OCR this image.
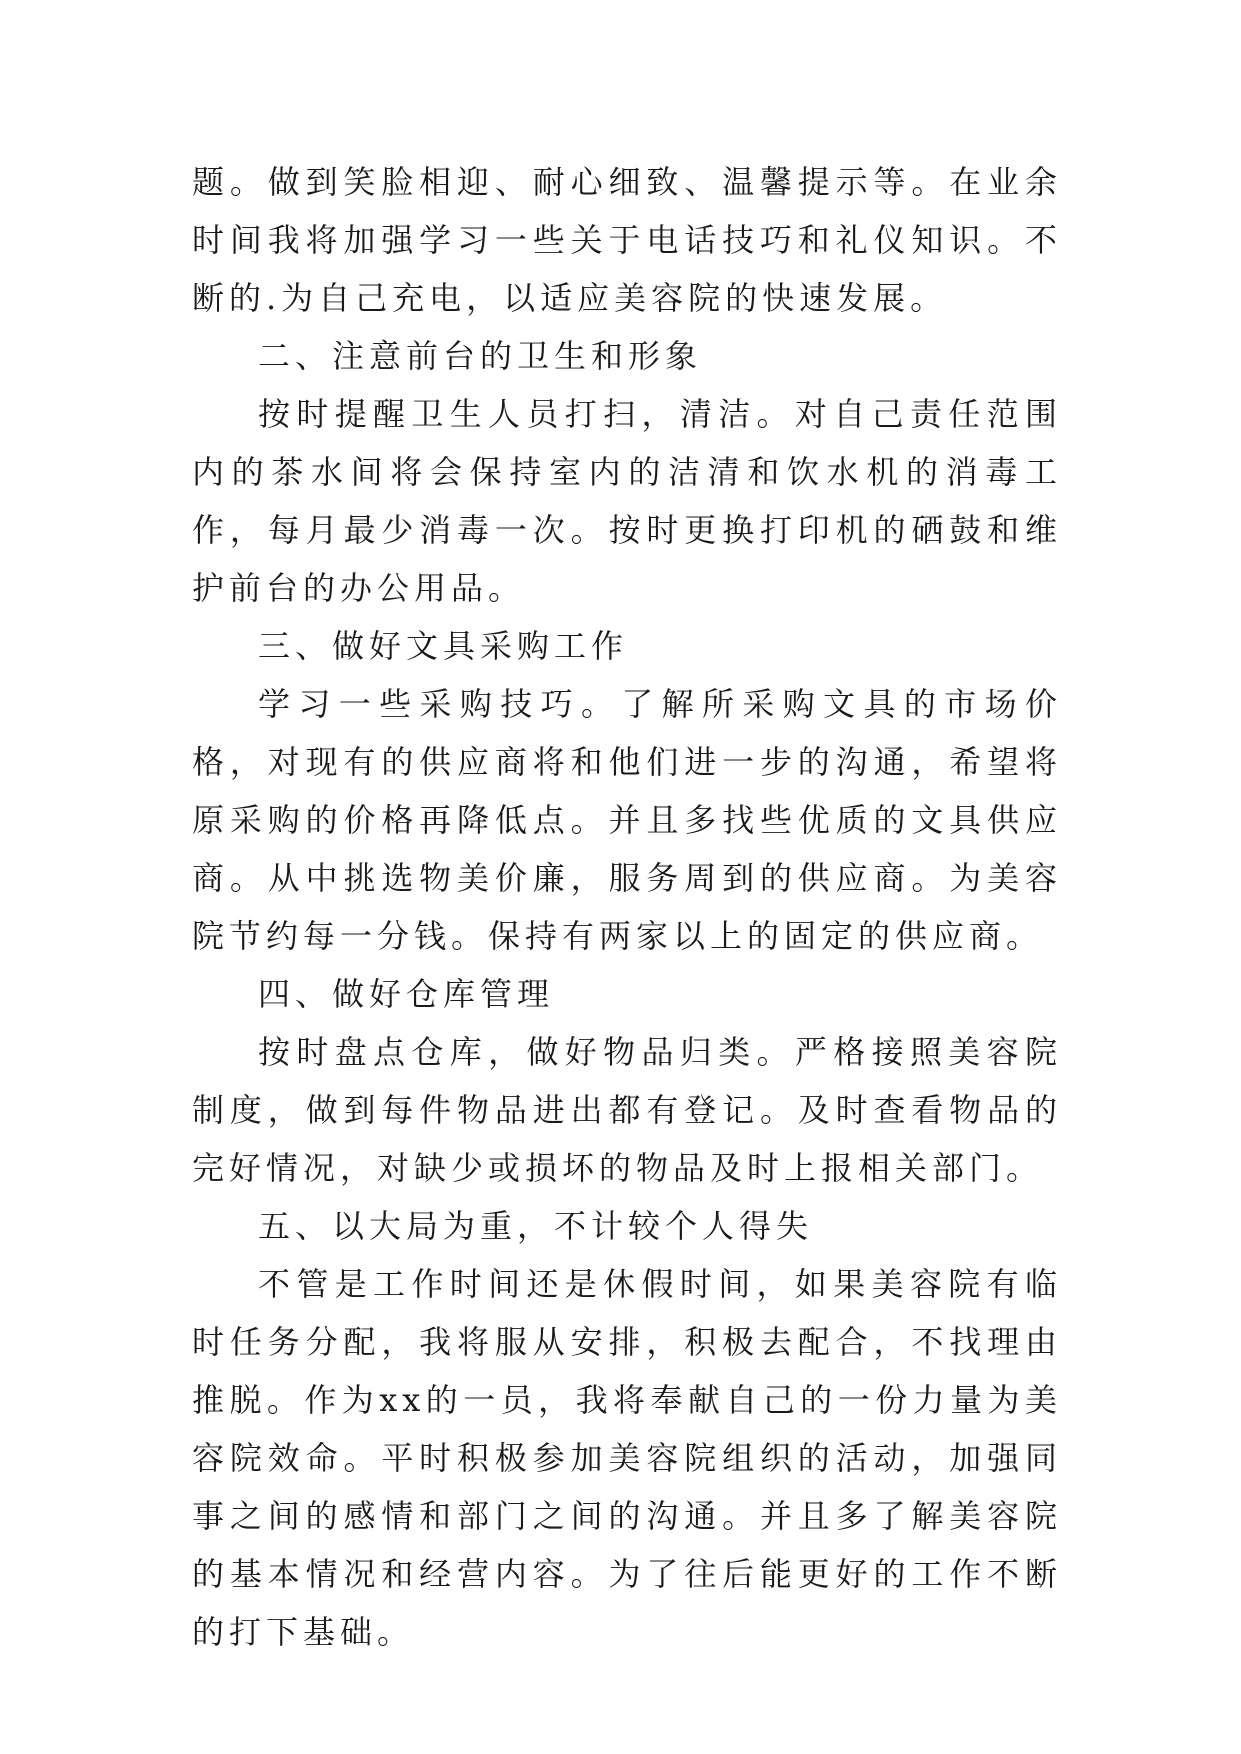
题。做到笑脸相迎、耐心细致、温馨提示等。在业余时间我将加强学习一些关于电话技巧和礼仪知识。不断的.为自己充电，以适应美容院的快速发展。

二、注意前台的卫生和形象

按时提醒卫生人员打扫，清洁。对自己责任范围内的茶水间将会保持室内的洁清和饮水机的消毒工作，每月最少消毒一次。按时更换打印机的硒鼓和维护前台的办公用品。

三、做好文具采购工作

学习一些采购技巧。了解所采购文具的市场价格，对现有的供应商将和他们进一步的沟通，希望将原采购的价格再降低点。并且多找些优质的文具供应商。从中挑选物美价廉，服务周到的供应商。为美容院节约每一分钱。保持有两家以上的固定的供应商。

四、做好仓库管理

按时盘点仓库，做好物品归类。严格接照美容院制度，做到每件物品进出都有登记。及时查看物品的完好情况，对缺少或损坏的物品及时上报相关部门。

五、以大局为重，不计较个人得失

不管是工作时间还是休假时间，如果美容院有临时任务分配，我将服从安排，积极去配合，不找理由推脱。作为xx的一员，我将奉献自己的一份力量为美容院效命。平时积极参加美容院组织的活动，加强同事之间的感情和部门之间的沟通。并且多了解美容院的基本情况和经营内容。为了往后能更好的工作不断的打下基础。
